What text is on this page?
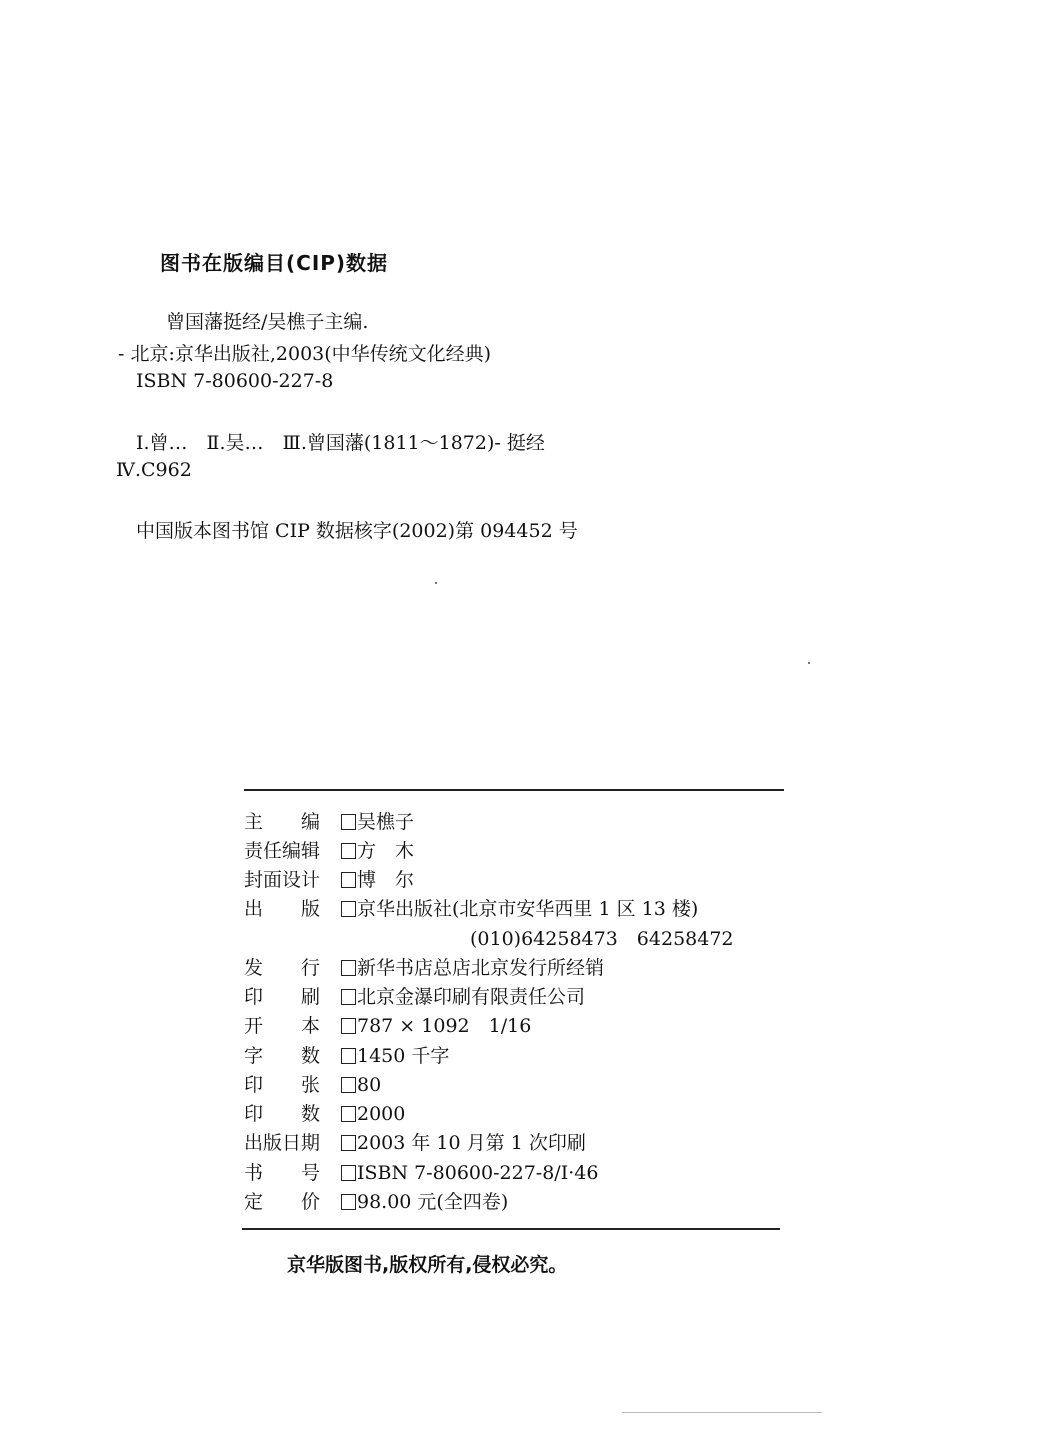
图书在版编目(CIP)数据
曾国藩挺经/吴樵子主编.
- 北京:京华出版社,2003(中华传统文化经典)
ISBN 7-80600-227-8
Ⅰ.曾…　Ⅱ.吴…　Ⅲ.曾国藩(1811～1872)- 挺经
Ⅳ.C962
中国版本图书馆 CIP 数据核字(2002)第 094452 号
主　　编 吴樵子
责任编辑 方　木
封面设计 博　尔
出　　版 京华出版社(北京市安华西里 1 区 13 楼)
(010)64258473　64258472
发　　行 新华书店总店北京发行所经销
印　　刷 北京金瀑印刷有限责任公司
开　　本 787 × 1092　1/16
字　　数 1450 千字
印　　张 80
印　　数 2000
出版日期 2003 年 10 月第 1 次印刷
书　　号 ISBN 7-80600-227-8/I·46
定　　价 98.00 元(全四卷)
京华版图书,版权所有,侵权必究。
